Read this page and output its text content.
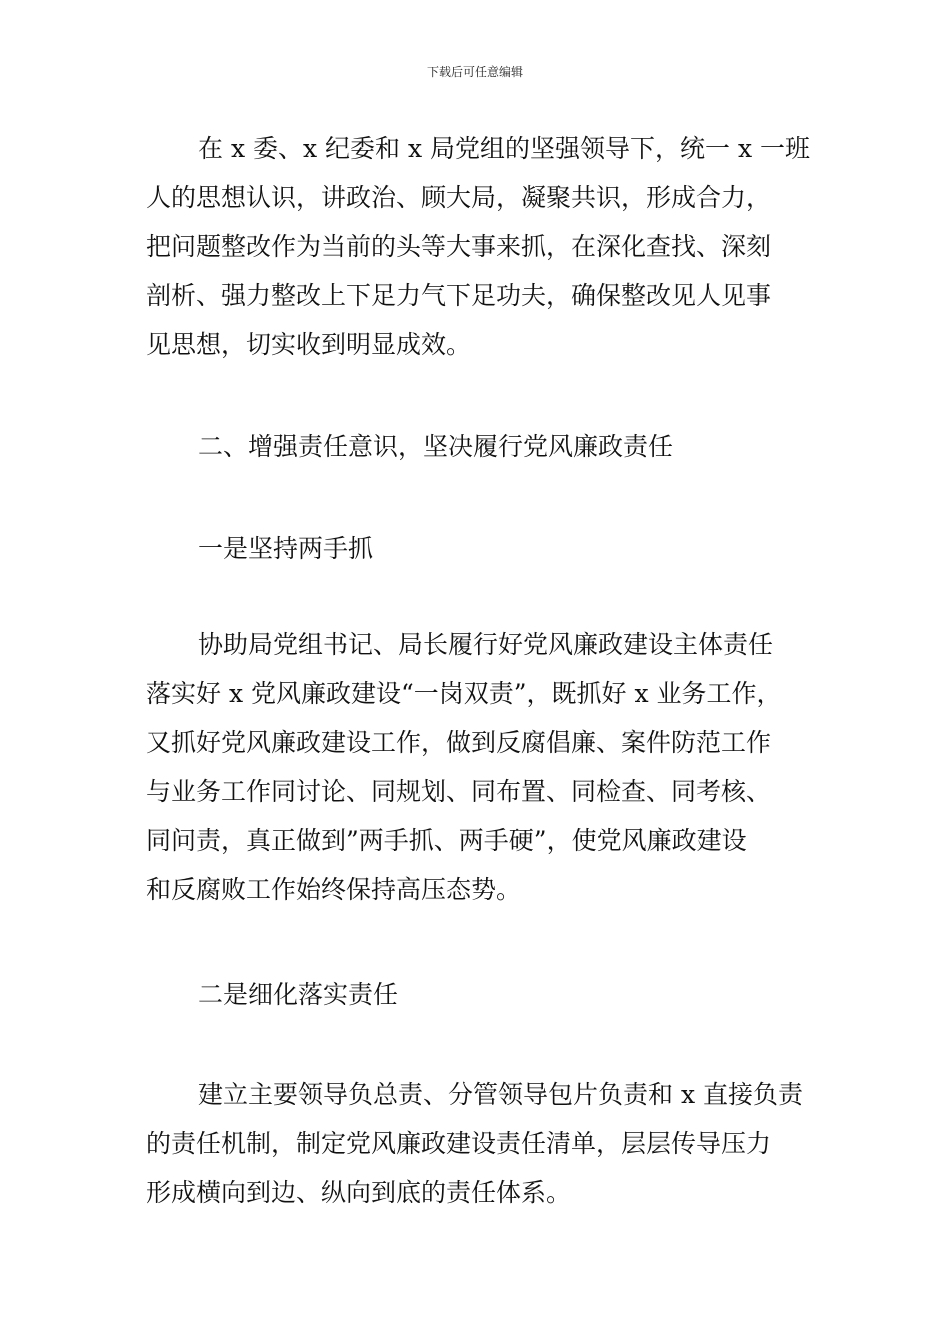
下载后可任意编辑
在 x 委、x 纪委和 x 局党组的坚强领导下，统一 x 一班
人的思想认识，讲政治、顾大局，凝聚共识，形成合力，
把问题整改作为当前的头等大事来抓，在深化查找、深刻
剖析、强力整改上下足力气下足功夫，确保整改见人见事
见思想，切实收到明显成效。
二、增强责任意识，坚决履行党风廉政责任
一是坚持两手抓
协助局党组书记、局长履行好党风廉政建设主体责任
落实好 x 党风廉政建设“一岗双责”，既抓好 x 业务工作，
又抓好党风廉政建设工作，做到反腐倡廉、案件防范工作
与业务工作同讨论、同规划、同布置、同检查、同考核、
同问责，真正做到”两手抓、两手硬”，使党风廉政建设
和反腐败工作始终保持高压态势。
二是细化落实责任
建立主要领导负总责、分管领导包片负责和 x 直接负责
的责任机制，制定党风廉政建设责任清单，层层传导压力
形成横向到边、纵向到底的责任体系。
